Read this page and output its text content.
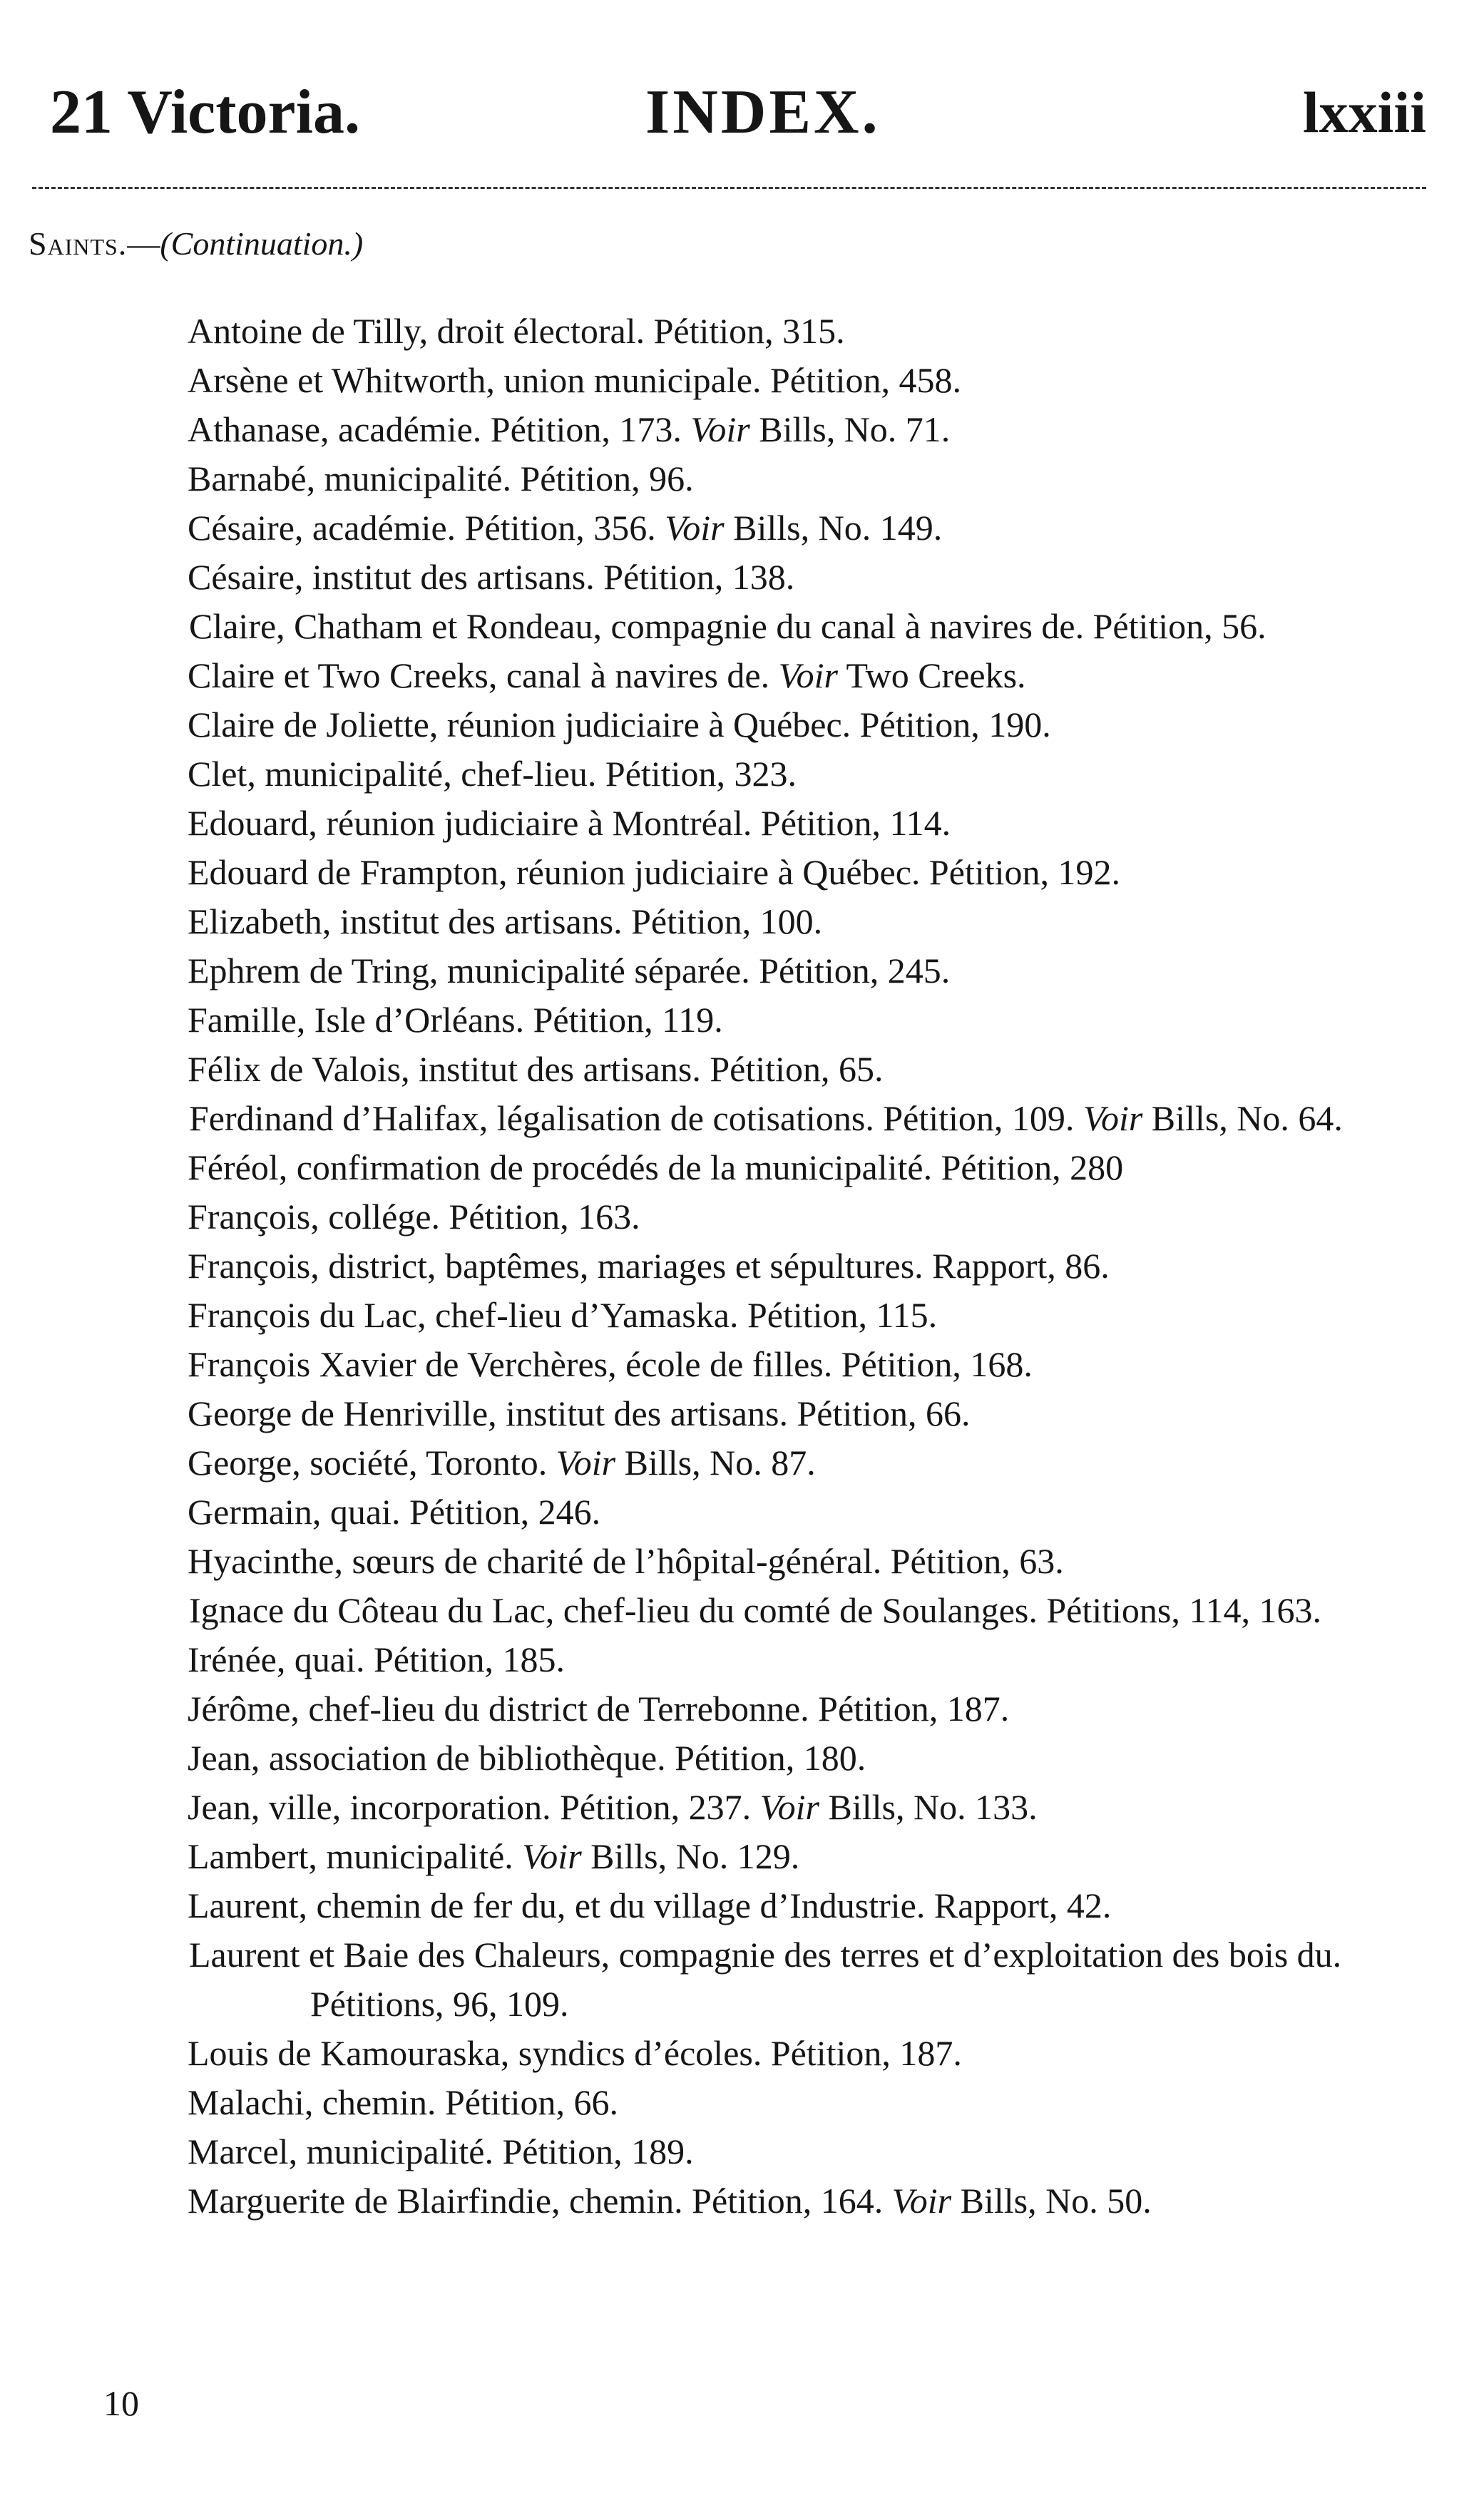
21 Victoria.	INDEX.	lxxiii
Saints.—(Continuation.)
Antoine de Tilly, droit électoral. Pétition, 315.
Arsène et Whitworth, union municipale. Pétition, 458.
Athanase, académie. Pétition, 173. Voir Bills, No. 71.
Barnabé, municipalité. Pétition, 96.
Césaire, académie. Pétition, 356. Voir Bills, No. 149.
Césaire, institut des artisans. Pétition, 138.
Claire, Chatham et Rondeau, compagnie du canal à navires de. Pétition, 56.
Claire et Two Creeks, canal à navires de. Voir Two Creeks.
Claire de Joliette, réunion judiciaire à Québec. Pétition, 190.
Clet, municipalité, chef-lieu. Pétition, 323.
Edouard, réunion judiciaire à Montréal. Pétition, 114.
Edouard de Frampton, réunion judiciaire à Québec. Pétition, 192.
Elizabeth, institut des artisans. Pétition, 100.
Ephrem de Tring, municipalité séparée. Pétition, 245.
Famille, Isle d’Orléans. Pétition, 119.
Félix de Valois, institut des artisans. Pétition, 65.
Ferdinand d’Halifax, légalisation de cotisations. Pétition, 109. Voir Bills, No. 64.
Féréol, confirmation de procédés de la municipalité. Pétition, 280
François, collége. Pétition, 163.
François, district, baptêmes, mariages et sépultures. Rapport, 86.
François du Lac, chef-lieu d’Yamaska. Pétition, 115.
François Xavier de Verchères, école de filles. Pétition, 168.
George de Henriville, institut des artisans. Pétition, 66.
George, société, Toronto. Voir Bills, No. 87.
Germain, quai. Pétition, 246.
Hyacinthe, sœurs de charité de l’hôpital-général. Pétition, 63.
Ignace du Côteau du Lac, chef-lieu du comté de Soulanges. Pétitions, 114, 163.
Irénée, quai. Pétition, 185.
Jérôme, chef-lieu du district de Terrebonne. Pétition, 187.
Jean, association de bibliothèque. Pétition, 180.
Jean, ville, incorporation. Pétition, 237. Voir Bills, No. 133.
Lambert, municipalité. Voir Bills, No. 129.
Laurent, chemin de fer du, et du village d’Industrie. Rapport, 42.
Laurent et Baie des Chaleurs, compagnie des terres et d’exploitation des bois du. Pétitions, 96, 109.
Louis de Kamouraska, syndics d’écoles. Pétition, 187.
Malachi, chemin. Pétition, 66.
Marcel, municipalité. Pétition, 189.
Marguerite de Blairfindie, chemin. Pétition, 164. Voir Bills, No. 50.
10
